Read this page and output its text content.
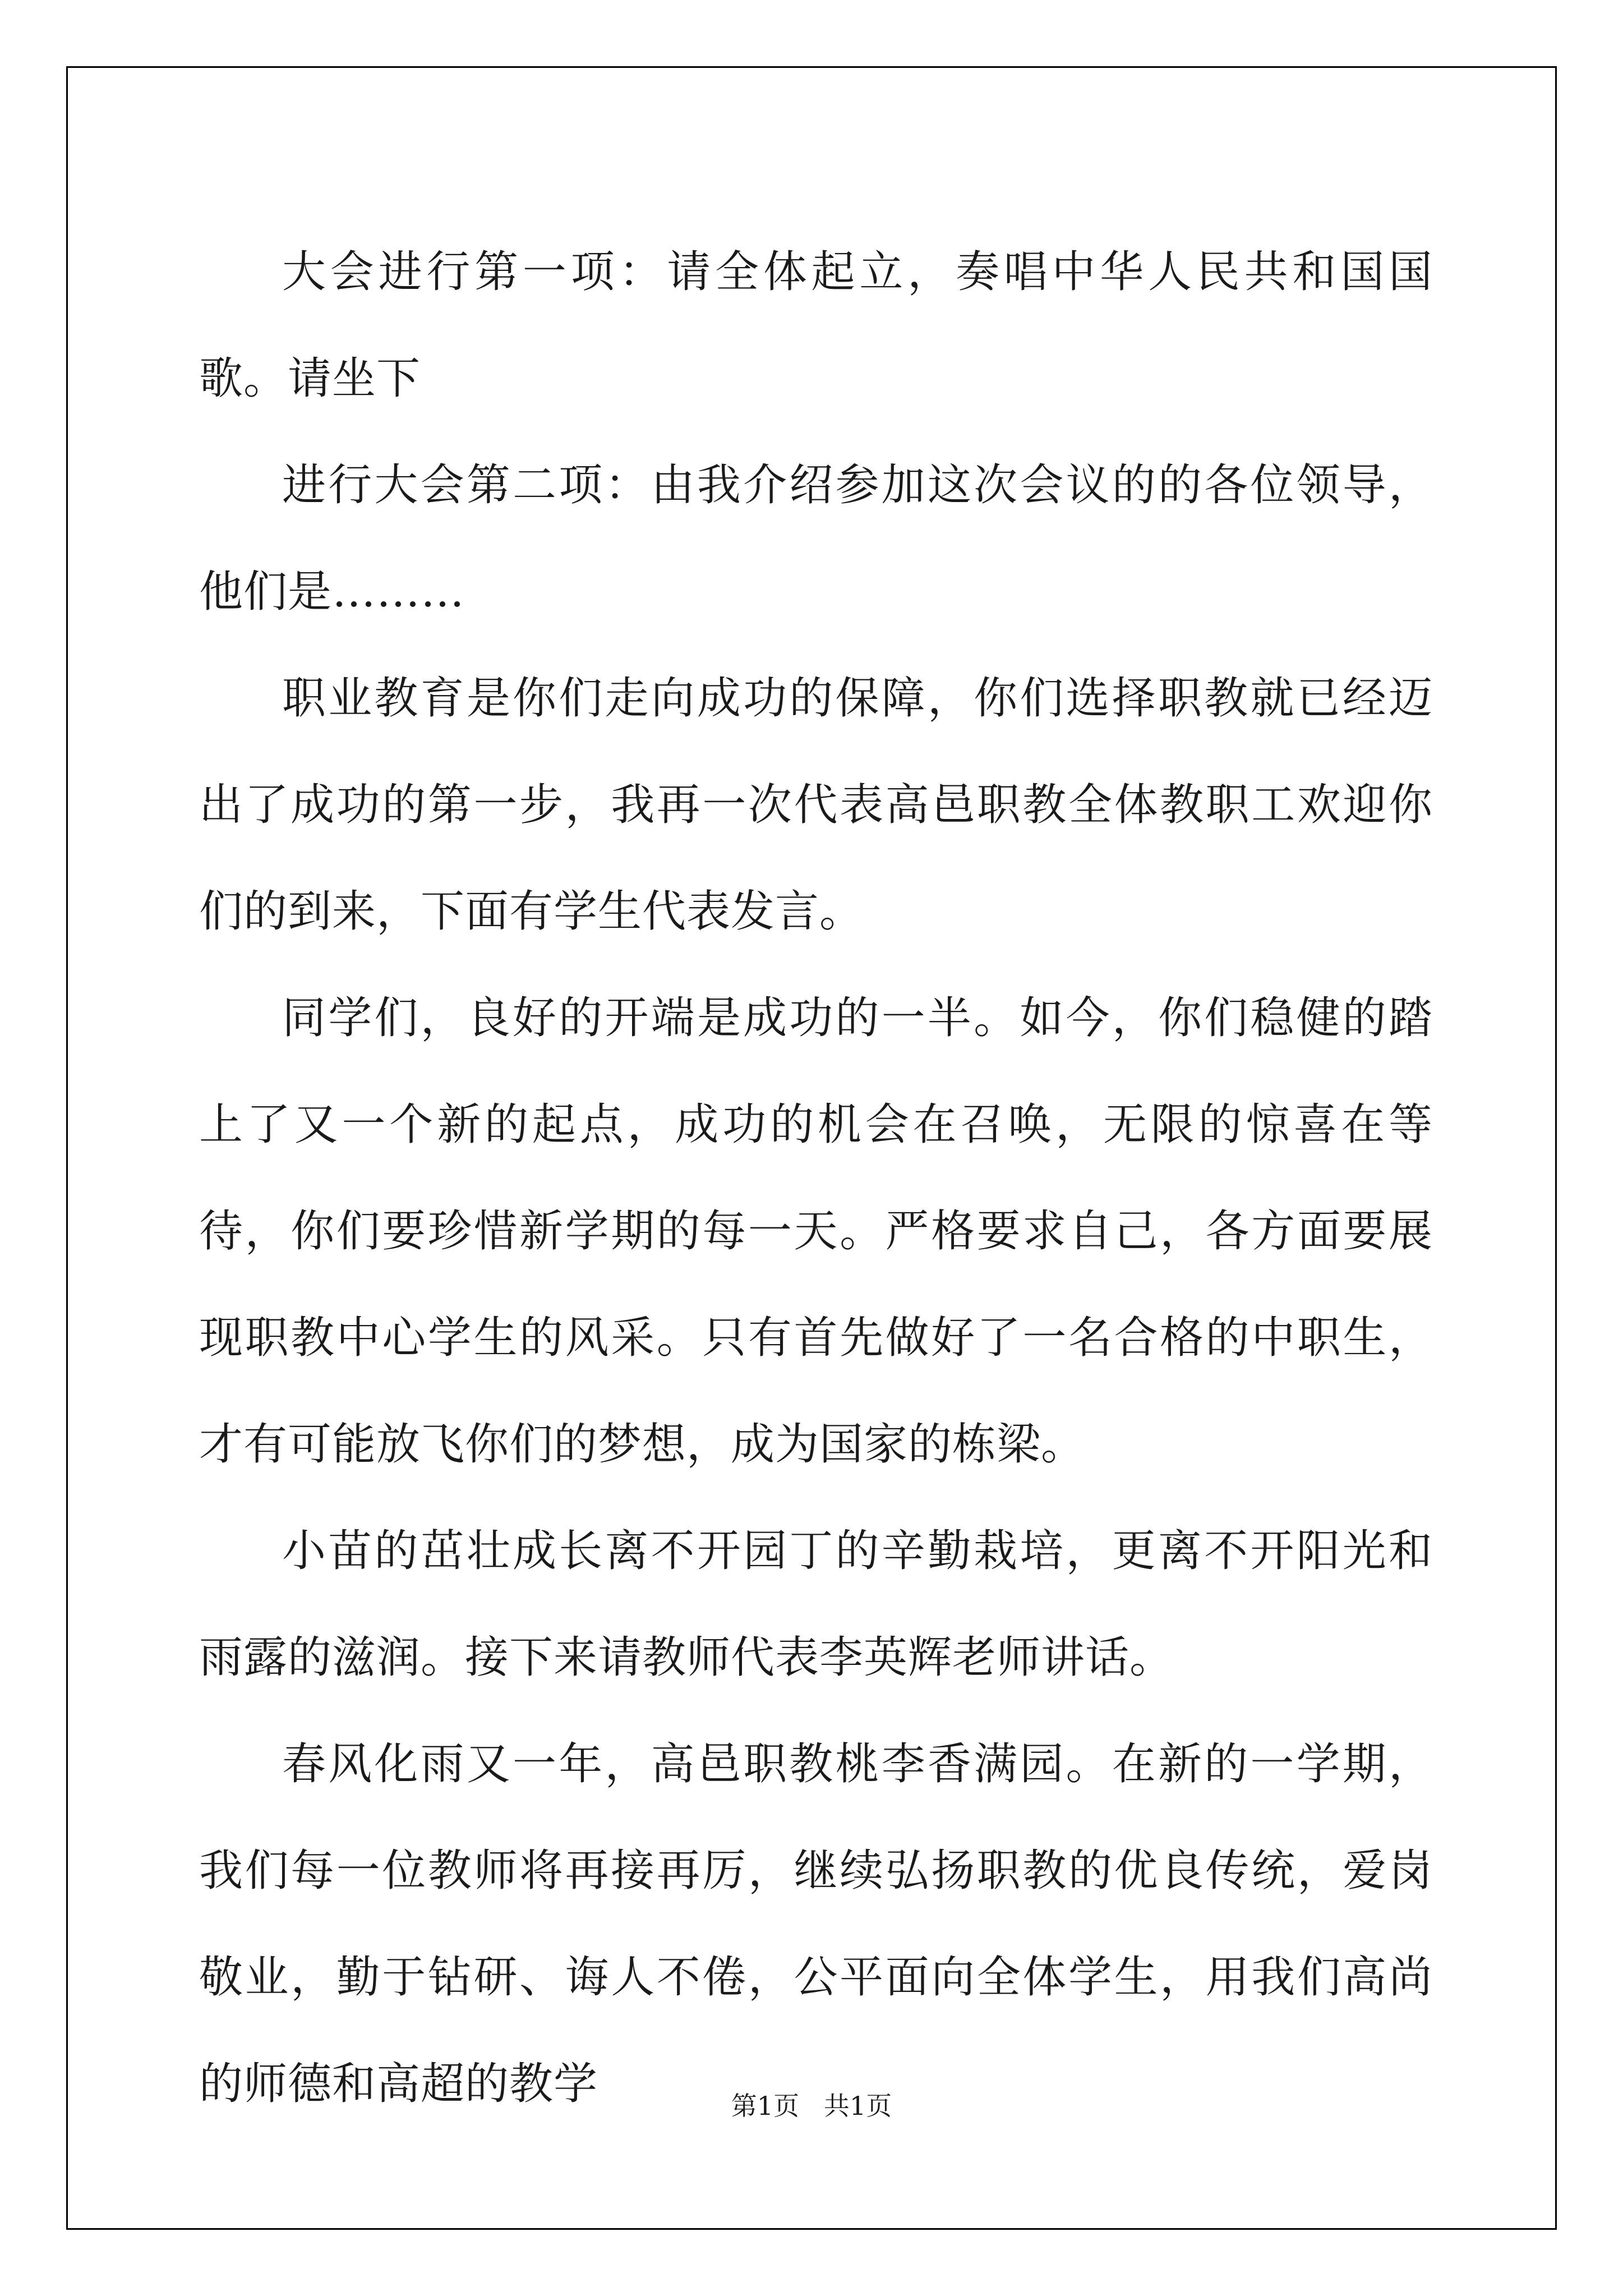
大会进行第一项：请全体起立，奏唱中华人民共和国国歌。请坐下

进行大会第二项：由我介绍参加这次会议的的各位领导，他们是………

职业教育是你们走向成功的保障，你们选择职教就已经迈出了成功的第一步，我再一次代表高邑职教全体教职工欢迎你们的到来，下面有学生代表发言。

同学们，良好的开端是成功的一半。如今，你们稳健的踏上了又一个新的起点，成功的机会在召唤，无限的惊喜在等待，你们要珍惜新学期的每一天。严格要求自己，各方面要展现职教中心学生的风采。只有首先做好了一名合格的中职生，才有可能放飞你们的梦想，成为国家的栋梁。

小苗的茁壮成长离不开园丁的辛勤栽培，更离不开阳光和雨露的滋润。接下来请教师代表李英辉老师讲话。

春风化雨又一年，高邑职教桃李香满园。在新的一学期，我们每一位教师将再接再厉，继续弘扬职教的优良传统，爱岗敬业，勤于钻研、诲人不倦，公平面向全体学生，用我们高尚的师德和高超的教学	第1页   共1页
